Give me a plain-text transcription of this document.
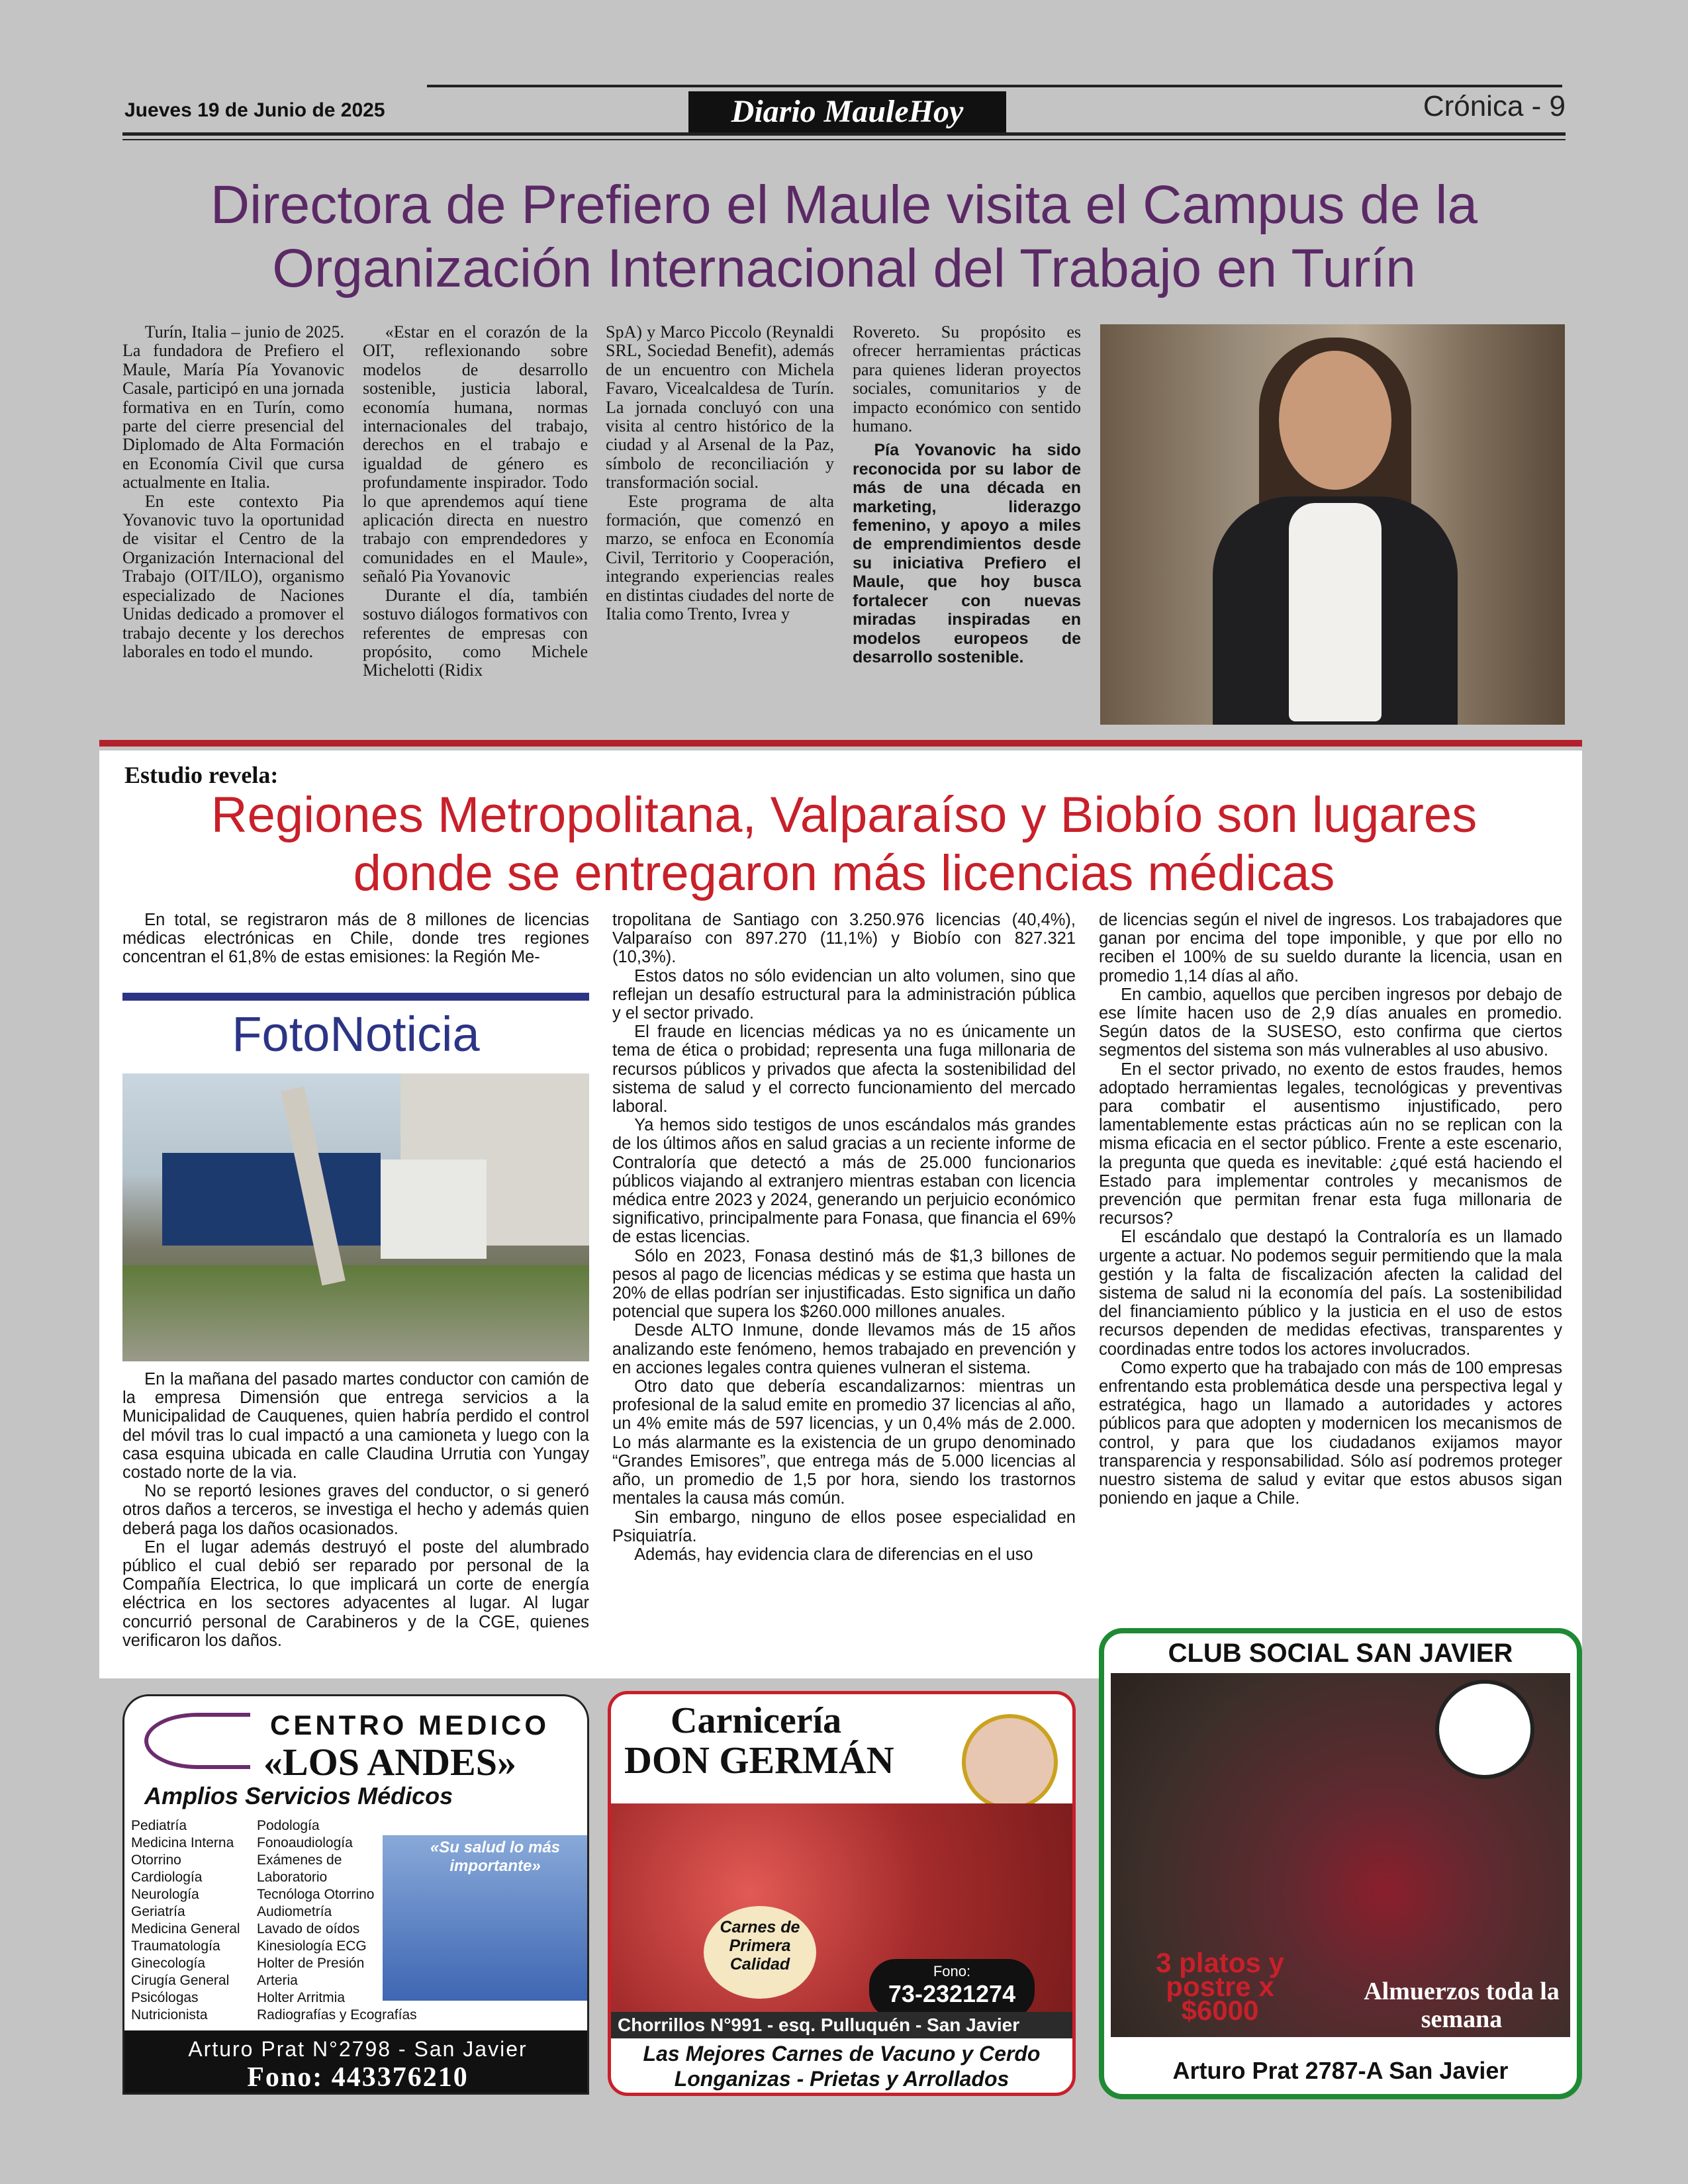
Jueves 19 de Junio de 2025	Diario MauleHoy	Crónica - 9
Directora de Prefiero el Maule visita el Campus de la
Organización Internacional del Trabajo en Turín

Turín, Italia – junio de 2025. La fundadora de Prefiero el Maule, María Pía Yovanovic Casale, participó en una jornada formativa en en Turín, como parte del cierre presencial del Diplomado de Alta Formación en Economía Civil que cursa actualmente en Italia.

En este contexto Pia Yovanovic tuvo la oportunidad de visitar el Centro de la Organización Internacional del Trabajo (OIT/ILO), organismo especializado de Naciones Unidas dedicado a promover el trabajo decente y los derechos laborales en todo el mundo.

«Estar en el corazón de la OIT, reflexionando sobre modelos de desarrollo sostenible, justicia laboral, economía humana, normas internacionales del trabajo, derechos en el trabajo e igualdad de género es profundamente inspirador. Todo lo que aprendemos aquí tiene aplicación directa en nuestro trabajo con emprendedores y comunidades en el Maule», señaló Pia Yovanovic

Durante el día, también sostuvo diálogos formativos con referentes de empresas con propósito, como Michele Michelotti (Ridix

SpA) y Marco Piccolo (Reynaldi SRL, Sociedad Benefit), además de un encuentro con Michela Favaro, Vicealcaldesa de Turín. La jornada concluyó con una visita al centro histórico de la ciudad y al Arsenal de la Paz, símbolo de reconciliación y transformación social.

Este programa de alta formación, que comenzó en marzo, se enfoca en Economía Civil, Territorio y Cooperación, integrando experiencias reales en distintas ciudades del norte de Italia como Trento, Ivrea y

Rovereto. Su propósito es ofrecer herramientas prácticas para quienes lideran proyectos sociales, comunitarios y de impacto económico con sentido humano.

Pía Yovanovic ha sido reconocida por su labor de más de una década en marketing, liderazgo femenino, y apoyo a miles de emprendimientos desde su iniciativa Prefiero el Maule, que hoy busca fortalecer con nuevas miradas inspiradas en modelos europeos de desarrollo sostenible.

Estudio revela:
Regiones Metropolitana, Valparaíso y Biobío son lugares
donde se entregaron más licencias médicas

En total, se registraron más de 8 millones de licencias médicas electrónicas en Chile, donde tres regiones concentran el 61,8% de estas emisiones: la Región Me-

FotoNoticia

En la mañana del pasado martes conductor con camión de la empresa Dimensión que entrega servicios a la Municipalidad de Cauquenes, quien habría perdido el control del móvil tras lo cual impactó a una camioneta y luego con la casa esquina ubicada en calle Claudina Urrutia con Yungay costado norte de la via.

No se reportó lesiones graves del conductor, o si generó otros daños a terceros, se investiga el hecho y además quien deberá paga los daños ocasionados.

En el lugar además destruyó el poste del alumbrado público el cual debió ser reparado por personal de la Compañía Electrica, lo que implicará un corte de energía eléctrica en los sectores adyacentes al lugar. Al lugar concurrió personal de Carabineros y de la CGE, quienes verificaron los daños.

tropolitana de Santiago con 3.250.976 licencias (40,4%), Valparaíso con 897.270 (11,1%) y Biobío con 827.321 (10,3%).

Estos datos no sólo evidencian un alto volumen, sino que reflejan un desafío estructural para la administración pública y el sector privado.

El fraude en licencias médicas ya no es únicamente un tema de ética o probidad; representa una fuga millonaria de recursos públicos y privados que afecta la sostenibilidad del sistema de salud y el correcto funcionamiento del mercado laboral.

Ya hemos sido testigos de unos escándalos más grandes de los últimos años en salud gracias a un reciente informe de Contraloría que detectó a más de 25.000 funcionarios públicos viajando al extranjero mientras estaban con licencia médica entre 2023 y 2024, generando un perjuicio económico significativo, principalmente para Fonasa, que financia el 69% de estas licencias.

Sólo en 2023, Fonasa destinó más de $1,3 billones de pesos al pago de licencias médicas y se estima que hasta un 20% de ellas podrían ser injustificadas. Esto significa un daño potencial que supera los $260.000 millones anuales.

Desde ALTO Inmune, donde llevamos más de 15 años analizando este fenómeno, hemos trabajado en prevención y en acciones legales contra quienes vulneran el sistema.

Otro dato que debería escandalizarnos: mientras un profesional de la salud emite en promedio 37 licencias al año, un 4% emite más de 597 licencias, y un 0,4% más de 2.000. Lo más alarmante es la existencia de un grupo denominado “Grandes Emisores”, que entrega más de 5.000 licencias al año, un promedio de 1,5 por hora, siendo los trastornos mentales la causa más común.

Sin embargo, ninguno de ellos posee especialidad en Psiquiatría.

Además, hay evidencia clara de diferencias en el uso

de licencias según el nivel de ingresos. Los trabajadores que ganan por encima del tope imponible, y que por ello no reciben el 100% de su sueldo durante la licencia, usan en promedio 1,14 días al año.

En cambio, aquellos que perciben ingresos por debajo de ese límite hacen uso de 2,9 días anuales en promedio. Según datos de la SUSESO, esto confirma que ciertos segmentos del sistema son más vulnerables al uso abusivo.

En el sector privado, no exento de estos fraudes, hemos adoptado herramientas legales, tecnológicas y preventivas para combatir el ausentismo injustificado, pero lamentablemente estas prácticas aún no se replican con la misma eficacia en el sector público. Frente a este escenario, la pregunta que queda es inevitable: ¿qué está haciendo el Estado para implementar controles y mecanismos de prevención que permitan frenar esta fuga millonaria de recursos?

El escándalo que destapó la Contraloría es un llamado urgente a actuar. No podemos seguir permitiendo que la mala gestión y la falta de fiscalización afecten la calidad del sistema de salud ni la economía del país. La sostenibilidad del financiamiento público y la justicia en el uso de estos recursos dependen de medidas efectivas, transparentes y coordinadas entre todos los actores involucrados.

Como experto que ha trabajado con más de 100 empresas enfrentando esta problemática desde una perspectiva legal y estratégica, hago un llamado a autoridades y actores públicos para que adopten y modernicen los mecanismos de control, y para que los ciudadanos exijamos mayor transparencia y responsabilidad. Sólo así podremos proteger nuestro sistema de salud y evitar que estos abusos sigan poniendo en jaque a Chile.

CENTRO MEDICO
«LOS ANDES»
Amplios Servicios Médicos
«Su salud lo más importante»
Pediatría
Medicina Interna
Otorrino
Cardiología
Neurología
Geriatría
Medicina General
Traumatología
Ginecología
Cirugía General
Psicólogas
Nutricionista
Podología
Fonoaudiología
Exámenes de
Laboratorio
Tecnóloga Otorrino
Audiometría
Lavado de oídos
Kinesiología ECG
Holter de Presión
Arteria
Holter Arritmia
Radiografías y Ecografías
Arturo Prat N°2798 - San Javier
Fono: 443376210
Carnicería
DON GERMÁN
Carnes de Primera Calidad	Fono:
73-2321274
Chorrillos N°991 - esq. Pulluquén - San Javier
Las Mejores Carnes de Vacuno y Cerdo
Longanizas - Prietas y Arrollados
CLUB SOCIAL SAN JAVIER
3 platos y postre x $6000
Almuerzos toda la semana
Arturo Prat 2787-A San Javier
